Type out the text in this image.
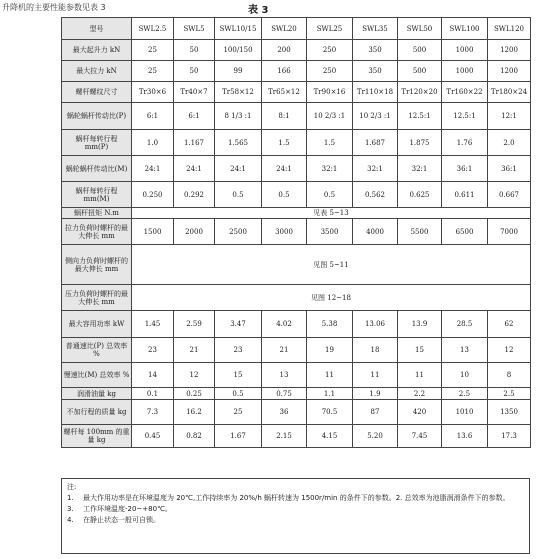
升降机的主要性能参数见表 3	表 3
型号	SWL2.5	SWL5	SWL10/15	SWL20	SWL25	SWL35	SWL50	SWL100	SWL120
最大起升力 kN	25	50	100/150	200	250	350	500	1000	1200
最大拉力 kN	25	50	99	166	250	350	500	1000	1200
螺杆螺纹尺寸	Tr30×6	Tr40×7	Tr58×12	Tr65×12	Tr90×16	Tr110×18	Tr120×20	Tr160×22	Tr180×24
蜗轮蜗杆传动比(P)	6:1	6:1	8 1/3 :1	8:1	10 2/3 :1	10 2/3 :1	12.5:1	12.5:1	12:1
蜗杆每转行程 mm(P)	1.0	1.167	1.565	1.5	1.5	1.687	1.875	1.76	2.0
蜗轮蜗杆传动比(M)	24:1	24:1	24:1	24:1	32:1	32:1	32:1	36:1	36:1
蜗杆每转行程 mm(M)	0.250	0.292	0.5	0.5	0.5	0.562	0.625	0.611	0.667
蜗杆扭矩 N.m	见表 5~13								
拉力负荷时螺杆的最大伸长 mm	1500	2000	2500	3000	3500	4000	5500	6500	7000
侧向力负荷时螺杆的最大伸长 mm	见图 5~11								
压力负荷时螺杆的最大伸长 mm	见图 12~18								
最大容用功率 kW	1.45	2.59	3.47	4.02	5.38	13.06	13.9	28.5	62
普通速比(P) 总效率 %	23	21	23	21	19	18	15	13	12
慢速比(M) 总效率 %	14	12	15	13	11	11	11	10	8
润滑油量 kg	0.1	0.25	0.5	0.75	1.1	1.9	2.2	2.5	2.5
不加行程的质量 kg	7.3	16.2	25	36	70.5	87	420	1010	1350
螺杆每 100mm 的重量 kg	0.45	0.82	1.67	2.15	4.15	5.20	7.45	13.6	17.3
注:
1. 最大作用功率是在环境温度为 20℃,工作持续率为 20%/h 蜗杆转速为 1500r/min 的条件下的参数。2. 总效率为池脂润滑条件下的参数。
3. 工作环境温度-20~+80℃。
4. 在静止状态一般可自锁。
